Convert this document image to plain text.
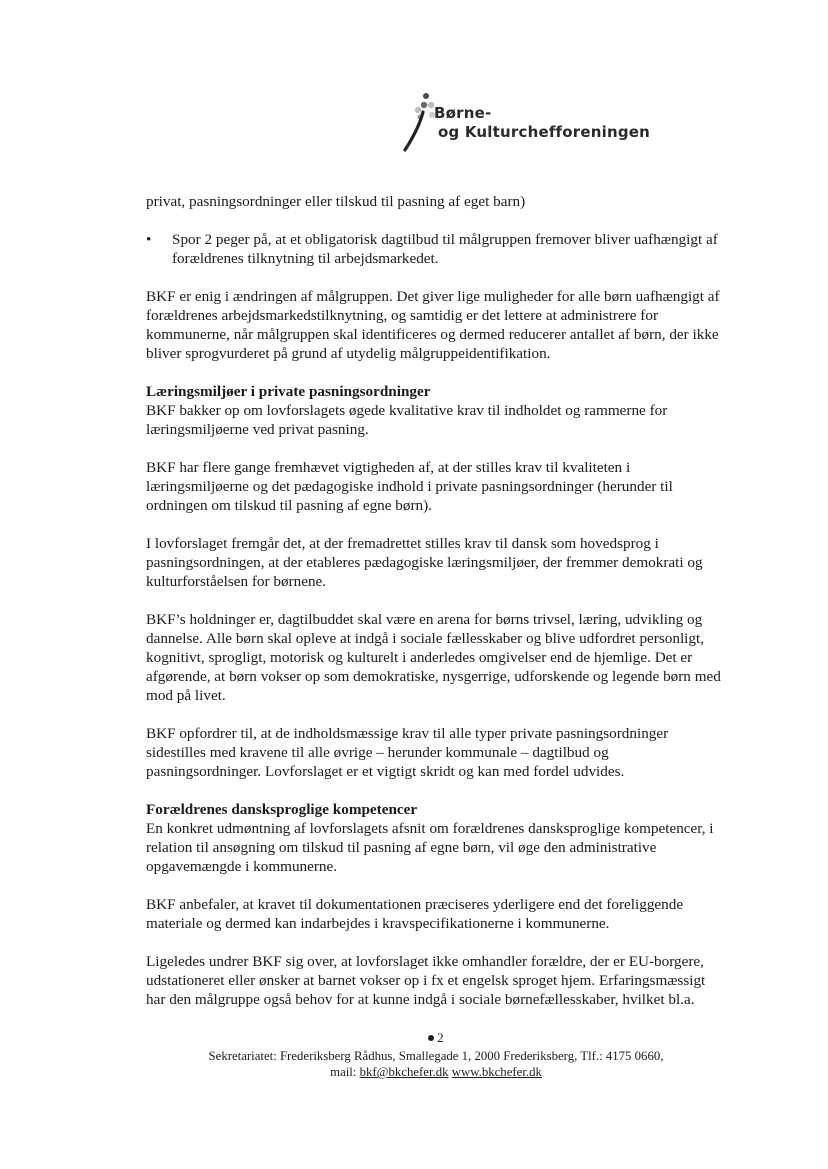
Børne-
og Kulturchefforeningen

privat, pasningsordninger eller tilskud til pasning af eget barn)

• Spor 2 peger på, at et obligatorisk dagtilbud til målgruppen fremover bliver uafhængigt af forældrenes tilknytning til arbejdsmarkedet.

BKF er enig i ændringen af målgruppen. Det giver lige muligheder for alle børn uafhængigt af forældrenes arbejdsmarkedstilknytning, og samtidig er det lettere at administrere for kommunerne, når målgruppen skal identificeres og dermed reducerer antallet af børn, der ikke bliver sprogvurderet på grund af utydelig målgruppeidentifikation.

Læringsmiljøer i private pasningsordninger

BKF bakker op om lovforslagets øgede kvalitative krav til indholdet og rammerne for læringsmiljøerne ved privat pasning.

BKF har flere gange fremhævet vigtigheden af, at der stilles krav til kvaliteten i læringsmiljøerne og det pædagogiske indhold i private pasningsordninger (herunder til ordningen om tilskud til pasning af egne børn).

I lovforslaget fremgår det, at der fremadrettet stilles krav til dansk som hovedsprog i pasningsordningen, at der etableres pædagogiske læringsmiljøer, der fremmer demokrati og kulturforståelsen for børnene.

BKF’s holdninger er, dagtilbuddet skal være en arena for børns trivsel, læring, udvikling og dannelse. Alle børn skal opleve at indgå i sociale fællesskaber og blive udfordret personligt, kognitivt, sprogligt, motorisk og kulturelt i anderledes omgivelser end de hjemlige. Det er afgørende, at børn vokser op som demokratiske, nysgerrige, udforskende og legende børn med mod på livet.

BKF opfordrer til, at de indholdsmæssige krav til alle typer private pasningsordninger sidestilles med kravene til alle øvrige – herunder kommunale – dagtilbud og pasningsordninger. Lovforslaget er et vigtigt skridt og kan med fordel udvides.

Forældrenes dansksproglige kompetencer

En konkret udmøntning af lovforslagets afsnit om forældrenes dansksproglige kompetencer, i relation til ansøgning om tilskud til pasning af egne børn, vil øge den administrative opgavemængde i kommunerne.

BKF anbefaler, at kravet til dokumentationen præciseres yderligere end det foreliggende materiale og dermed kan indarbejdes i kravspecifikationerne i kommunerne.

Ligeledes undrer BKF sig over, at lovforslaget ikke omhandler forældre, der er EU-borgere, udstationeret eller ønsker at barnet vokser op i fx et engelsk sproget hjem. Erfaringsmæssigt har den målgruppe også behov for at kunne indgå i sociale børnefællesskaber, hvilket bl.a.

2
Sekretariatet: Frederiksberg Rådhus, Smallegade 1, 2000 Frederiksberg, Tlf.: 4175 0660,
mail: bkf@bkchefer.dk www.bkchefer.dk
